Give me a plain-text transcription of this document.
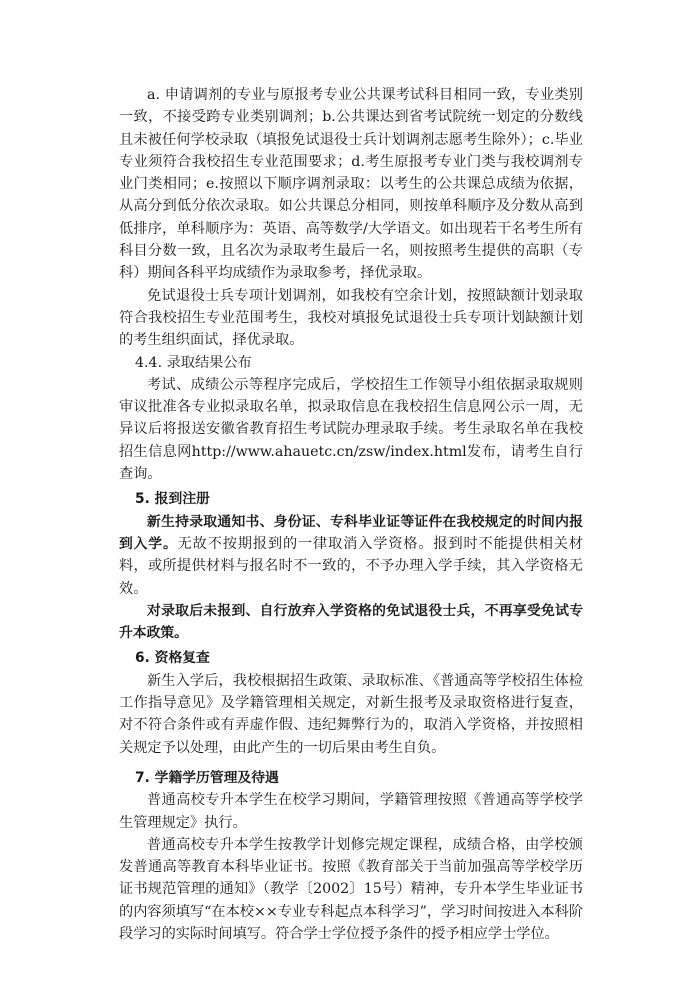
a. 申请调剂的专业与原报考专业公共课考试科目相同一致，专业类别一致，不接受跨专业类别调剂；b.公共课达到省考试院统一划定的分数线且未被任何学校录取（填报免试退役士兵计划调剂志愿考生除外）；c.毕业专业须符合我校招生专业范围要求；d.考生原报考专业门类与我校调剂专业门类相同；e.按照以下顺序调剂录取：以考生的公共课总成绩为依据，从高分到低分依次录取。如公共课总分相同，则按单科顺序及分数从高到低排序，单科顺序为：英语、高等数学/大学语文。如出现若干名考生所有科目分数一致，且名次为录取考生最后一名，则按照考生提供的高职（专科）期间各科平均成绩作为录取参考，择优录取。

免试退役士兵专项计划调剂，如我校有空余计划，按照缺额计划录取符合我校招生专业范围考生，我校对填报免试退役士兵专项计划缺额计划的考生组织面试，择优录取。

4.4. 录取结果公布

考试、成绩公示等程序完成后，学校招生工作领导小组依据录取规则审议批准各专业拟录取名单，拟录取信息在我校招生信息网公示一周，无异议后将报送安徽省教育招生考试院办理录取手续。考生录取名单在我校招生信息网http://www.ahauetc.cn/zsw/index.html发布，请考生自行查询。

5. 报到注册

新生持录取通知书、身份证、专科毕业证等证件在我校规定的时间内报到入学。无故不按期报到的一律取消入学资格。报到时不能提供相关材料，或所提供材料与报名时不一致的，不予办理入学手续，其入学资格无效。

对录取后未报到、自行放弃入学资格的免试退役士兵，不再享受免试专升本政策。

6. 资格复查

新生入学后，我校根据招生政策、录取标准、《普通高等学校招生体检工作指导意见》及学籍管理相关规定，对新生报考及录取资格进行复查，对不符合条件或有弄虚作假、违纪舞弊行为的，取消入学资格，并按照相关规定予以处理，由此产生的一切后果由考生自负。

7. 学籍学历管理及待遇

普通高校专升本学生在校学习期间，学籍管理按照《普通高等学校学生管理规定》执行。

普通高校专升本学生按教学计划修完规定课程，成绩合格，由学校颁发普通高等教育本科毕业证书。按照《教育部关于当前加强高等学校学历证书规范管理的通知》（教学〔2002〕15号）精神，专升本学生毕业证书的内容须填写“在本校××专业专科起点本科学习”，学习时间按进入本科阶段学习的实际时间填写。符合学士学位授予条件的授予相应学士学位。
